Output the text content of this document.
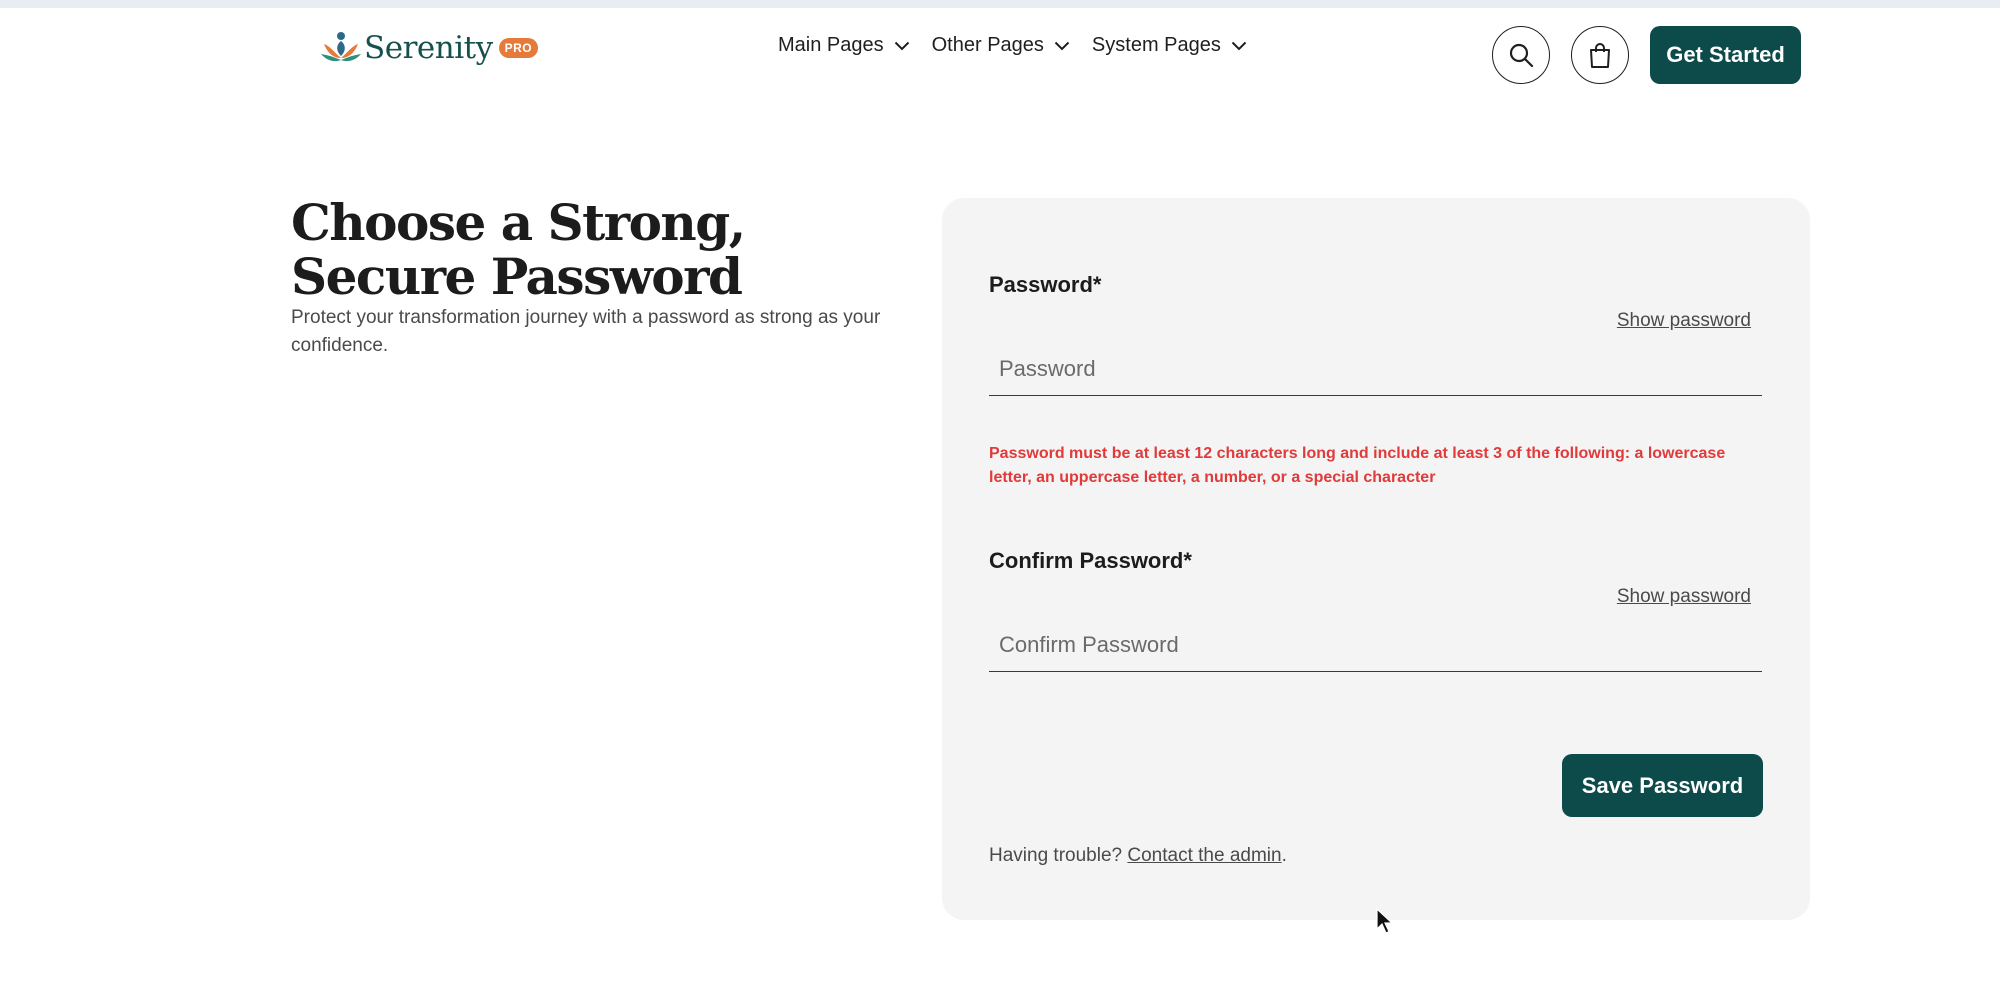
Serenity	PRO	Main Pages Other Pages System Pages	Get Started
Choose a Strong, Secure Password

Protect your transformation journey with a password as strong as your confidence.

Password*
Show password
Password must be at least 12 characters long and include at least 3 of the following: a lowercase letter, an uppercase letter, a number, or a special character
Confirm Password*
Show password
Save Password
Having trouble? Contact the admin.
